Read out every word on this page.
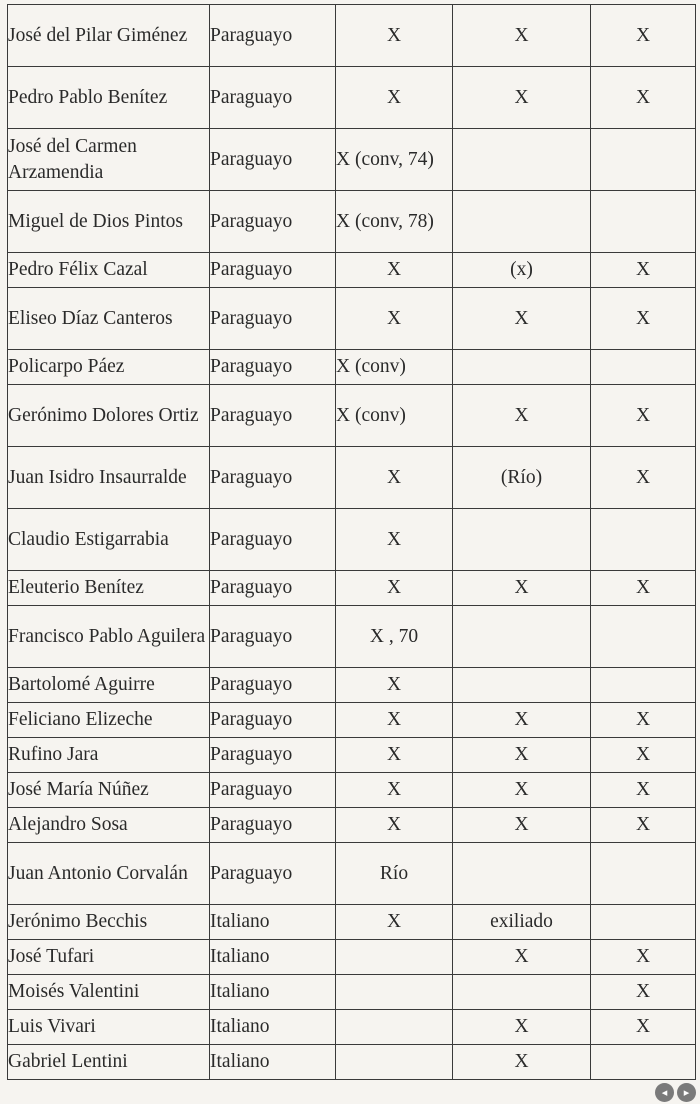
José del Pilar Giménez	Paraguayo	X	X	X
Pedro Pablo Benítez	Paraguayo	X	X	X
José del Carmen Arzamendia	Paraguayo	X (conv, 74)		
Miguel de Dios Pintos	Paraguayo	X (conv, 78)		
Pedro Félix Cazal	Paraguayo	X	(x)	X
Eliseo Díaz Canteros	Paraguayo	X	X	X
Policarpo Páez	Paraguayo	X (conv)		
Gerónimo Dolores Ortiz	Paraguayo	X (conv)	X	X
Juan Isidro Insaurralde	Paraguayo	X	(Río)	X
Claudio Estigarrabia	Paraguayo	X		
Eleuterio Benítez	Paraguayo	X	X	X
Francisco Pablo Aguilera	Paraguayo	X , 70		
Bartolomé Aguirre	Paraguayo	X		
Feliciano Elizeche	Paraguayo	X	X	X
Rufino Jara	Paraguayo	X	X	X
José María Núñez	Paraguayo	X	X	X
Alejandro Sosa	Paraguayo	X	X	X
Juan Antonio Corvalán	Paraguayo	Río		
Jerónimo Becchis	Italiano	X	exiliado	
José Tufari	Italiano		X	X
Moisés Valentini	Italiano			X
Luis Vivari	Italiano		X	X
Gabriel Lentini	Italiano		X	
◂	▸
